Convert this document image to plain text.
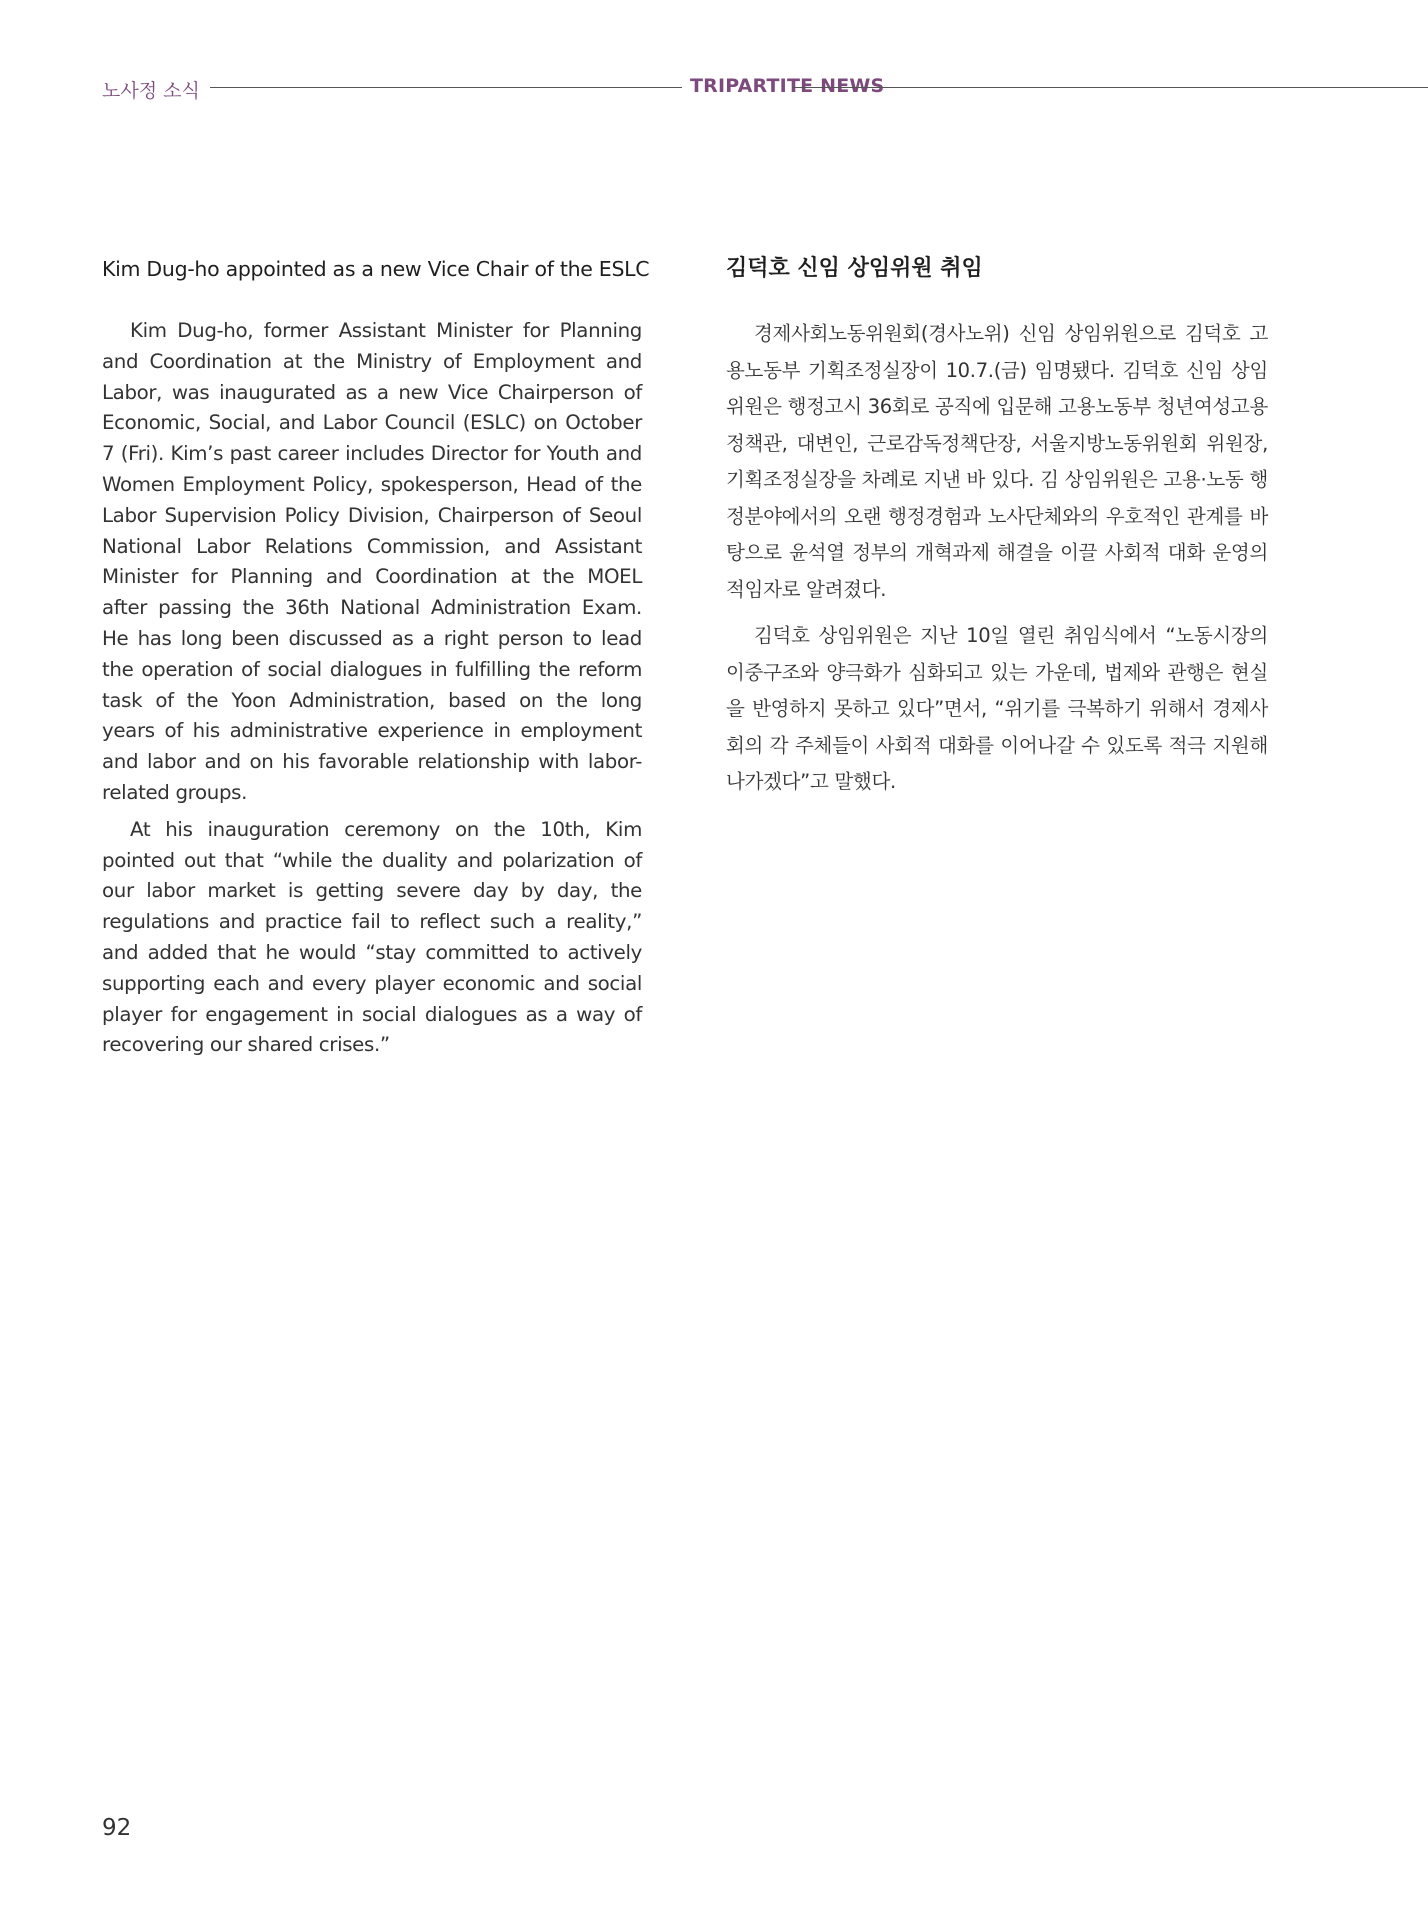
노사정 소식	TRIPARTITE NEWS
Kim Dug-ho appointed as a new Vice Chair of the ESLC

Kim Dug-ho, former Assistant Minister for Planning and Coordination at the Ministry of Employment and Labor, was inaugurated as a new Vice Chairperson of Economic, Social, and Labor Council (ESLC) on October 7 (Fri). Kim’s past career includes Director for Youth and Women Employment Policy, spokesperson, Head of the Labor Supervision Policy Division, Chairperson of Seoul National Labor Relations Commission, and Assistant Minister for Planning and Coordination at the MOEL after passing the 36th National Administration Exam. He has long been discussed as a right person to lead the operation of social dialogues in fulfilling the reform task of the Yoon Administration, based on the long years of his administrative experience in employment and labor and on his favorable relationship with labor-related groups.

At his inauguration ceremony on the 10th, Kim pointed out that “while the duality and polarization of our labor market is getting severe day by day, the regulations and practice fail to reflect such a reality,” and added that he would “stay committed to actively supporting each and every player economic and social player for engagement in social dialogues as a way of recovering our shared crises.”

김덕호 신임 상임위원 취임

경제사회노동위원회(경사노위) 신임 상임위원으로 김덕호 고용노동부 기획조정실장이 10.7.(금) 임명됐다. 김덕호 신임 상임위원은 행정고시 36회로 공직에 입문해 고용노동부 청년여성고용정책관, 대변인, 근로감독정책단장, 서울지방노동위원회 위원장, 기획조정실장을 차례로 지낸 바 있다. 김 상임위원은 고용·노동 행정분야에서의 오랜 행정경험과 노사단체와의 우호적인 관계를 바탕으로 윤석열 정부의 개혁과제 해결을 이끌 사회적 대화 운영의 적임자로 알려졌다.

김덕호 상임위원은 지난 10일 열린 취임식에서 “노동시장의 이중구조와 양극화가 심화되고 있는 가운데, 법제와 관행은 현실을 반영하지 못하고 있다”면서, “위기를 극복하기 위해서 경제사회의 각 주체들이 사회적 대화를 이어나갈 수 있도록 적극 지원해 나가겠다”고 말했다.

92
